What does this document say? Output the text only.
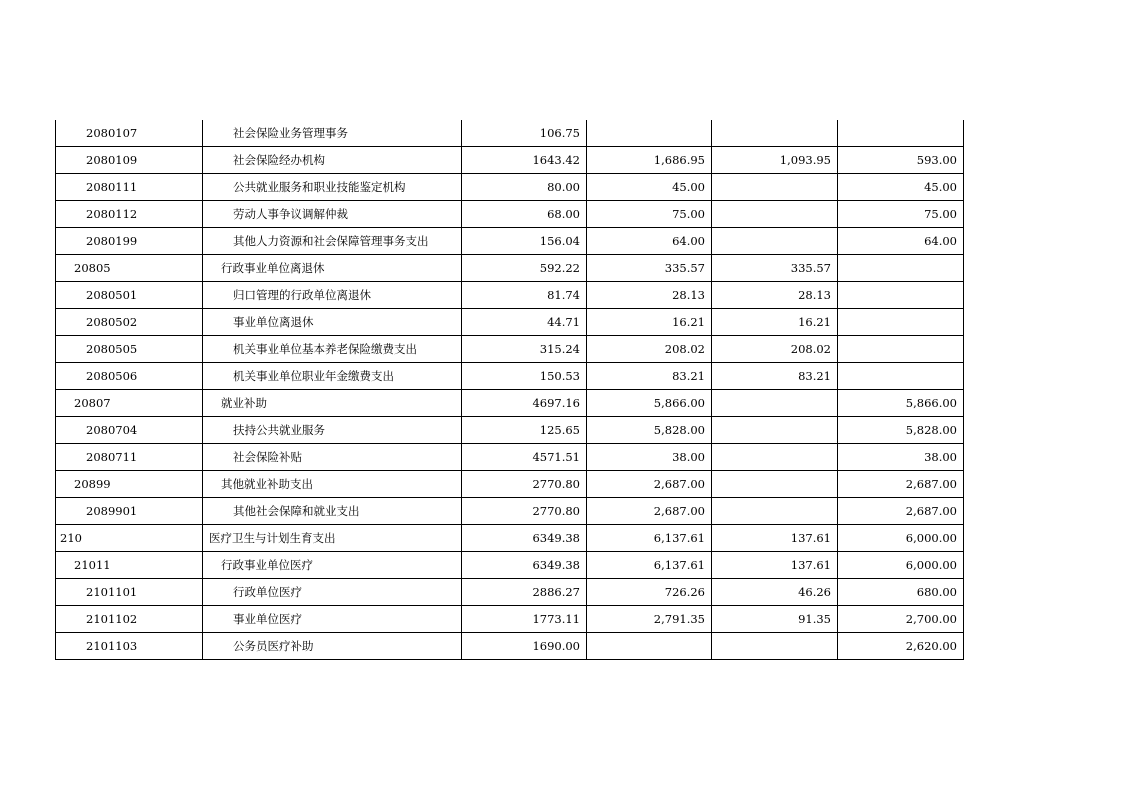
2080107	社会保险业务管理事务	106.75			
2080109	社会保险经办机构	1643.42	1,686.95	1,093.95	593.00
2080111	公共就业服务和职业技能鉴定机构	80.00	45.00		45.00
2080112	劳动人事争议调解仲裁	68.00	75.00		75.00
2080199	其他人力资源和社会保障管理事务支出	156.04	64.00		64.00
20805	行政事业单位离退休	592.22	335.57	335.57	
2080501	归口管理的行政单位离退休	81.74	28.13	28.13	
2080502	事业单位离退休	44.71	16.21	16.21	
2080505	机关事业单位基本养老保险缴费支出	315.24	208.02	208.02	
2080506	机关事业单位职业年金缴费支出	150.53	83.21	83.21	
20807	就业补助	4697.16	5,866.00		5,866.00
2080704	扶持公共就业服务	125.65	5,828.00		5,828.00
2080711	社会保险补贴	4571.51	38.00		38.00
20899	其他就业补助支出	2770.80	2,687.00		2,687.00
2089901	其他社会保障和就业支出	2770.80	2,687.00		2,687.00
210	医疗卫生与计划生育支出	6349.38	6,137.61	137.61	6,000.00
21011	行政事业单位医疗	6349.38	6,137.61	137.61	6,000.00
2101101	行政单位医疗	2886.27	726.26	46.26	680.00
2101102	事业单位医疗	1773.11	2,791.35	91.35	2,700.00
2101103	公务员医疗补助	1690.00			2,620.00
